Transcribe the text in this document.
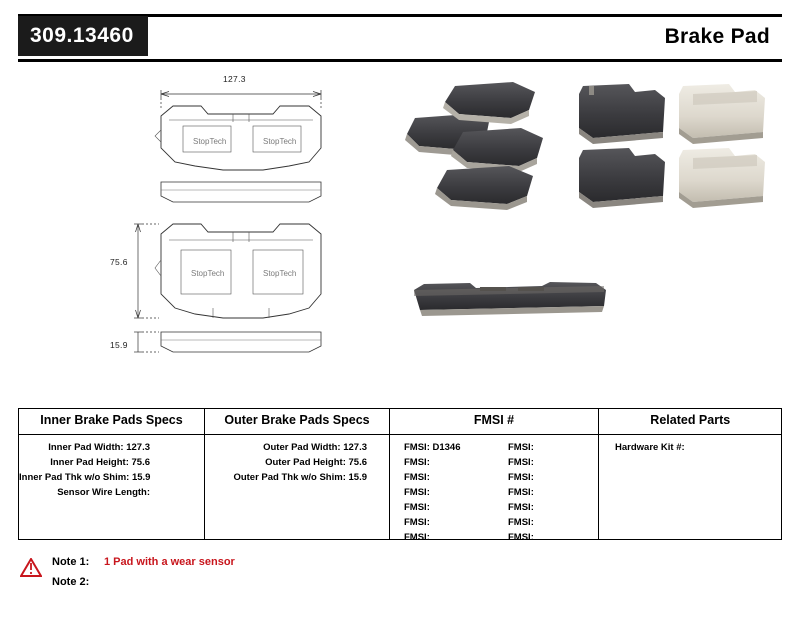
309.13460	Brake Pad
StopTech	StopTech
StopTech	StopTech
127.3
75.6
15.9
Inner Brake Pads Specs
Inner Pad Width: 127.3
Inner Pad Height: 75.6
Inner Pad Thk w/o Shim: 15.9
Sensor Wire Length:
Outer Brake Pads Specs
Outer Pad Width: 127.3
Outer Pad Height: 75.6
Outer Pad Thk w/o Shim: 15.9
FMSI #
FMSI: D1346	FMSI:
FMSI:	FMSI:
FMSI:	FMSI:
FMSI:	FMSI:
FMSI:	FMSI:
FMSI:	FMSI:
FMSI:	FMSI:
Related Parts
Hardware Kit #:
Note 1:	1 Pad with a wear sensor
Note 2:
